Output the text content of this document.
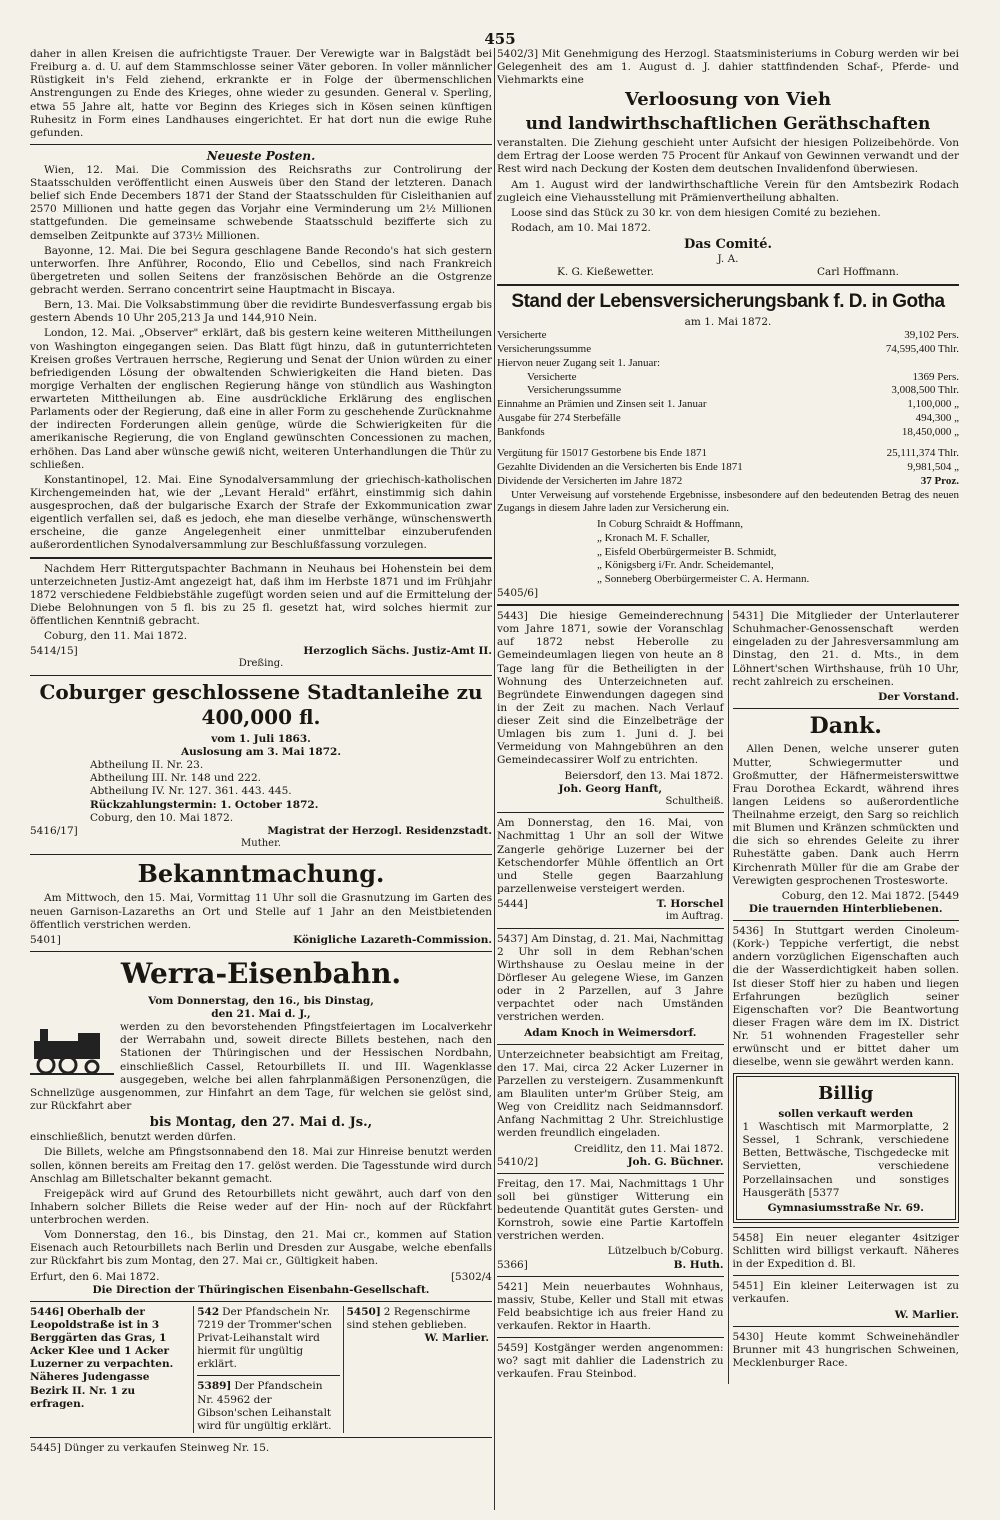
455

daher in allen Kreisen die aufrichtigste Trauer. Der Verewigte war in Balgstädt bei Freiburg a. d. U. auf dem Stammschlosse seiner Väter geboren. In voller männlicher Rüstigkeit in's Feld ziehend, erkrankte er in Folge der übermenschlichen Anstrengungen zu Ende des Krieges, ohne wieder zu gesunden. General v. Sperling, etwa 55 Jahre alt, hatte vor Beginn des Krieges sich in Kösen seinen künftigen Ruhesitz in Form eines Landhauses eingerichtet. Er hat dort nun die ewige Ruhe gefunden.

Neueste Posten.

Wien, 12. Mai. Die Commission des Reichsraths zur Controlirung der Staatsschulden veröffentlicht einen Ausweis über den Stand der letzteren. Danach belief sich Ende Decembers 1871 der Stand der Staatsschulden für Cisleithanien auf 2570 Millionen und hatte gegen das Vorjahr eine Verminderung um 2½ Millionen stattgefunden. Die gemeinsame schwebende Staatsschuld bezifferte sich zu demselben Zeitpunkte auf 373½ Millionen.

Bayonne, 12. Mai. Die bei Segura geschlagene Bande Recondo's hat sich gestern unterworfen. Ihre Anführer, Rocondo, Elio und Cebellos, sind nach Frankreich übergetreten und sollen Seitens der französischen Behörde an die Ostgrenze gebracht werden. Serrano concentrirt seine Hauptmacht in Biscaya.

Bern, 13. Mai. Die Volksabstimmung über die revidirte Bundesverfassung ergab bis gestern Abends 10 Uhr 205,213 Ja und 144,910 Nein.

London, 12. Mai. „Observer" erklärt, daß bis gestern keine weiteren Mittheilungen von Washington eingegangen seien. Das Blatt fügt hinzu, daß in gutunterrichteten Kreisen großes Vertrauen herrsche, Regierung und Senat der Union würden zu einer befriedigenden Lösung der obwaltenden Schwierigkeiten die Hand bieten. Das morgige Verhalten der englischen Regierung hänge von stündlich aus Washington erwarteten Mittheilungen ab. Eine ausdrückliche Erklärung des englischen Parlaments oder der Regierung, daß eine in aller Form zu geschehende Zurücknahme der indirecten Forderungen allein genüge, würde die Schwierigkeiten für die amerikanische Regierung, die von England gewünschten Concessionen zu machen, erhöhen. Das Land aber wünsche gewiß nicht, weiteren Unterhandlungen die Thür zu schließen.

Konstantinopel, 12. Mai. Eine Synodalversammlung der griechisch-katholischen Kirchengemeinden hat, wie der „Levant Herald" erfährt, einstimmig sich dahin ausgesprochen, daß der bulgarische Exarch der Strafe der Exkommunication zwar eigentlich verfallen sei, daß es jedoch, ehe man dieselbe verhänge, wünschenswerth erscheine, die ganze Angelegenheit einer unmittelbar einzuberufenden außerordentlichen Synodalversammlung zur Beschlußfassung vorzulegen.

Nachdem Herr Rittergutspachter Bachmann in Neuhaus bei Hohenstein bei dem unterzeichneten Justiz-Amt angezeigt hat, daß ihm im Herbste 1871 und im Frühjahr 1872 verschiedene Feldbiebstähle zugefügt worden seien und auf die Ermittelung der Diebe Belohnungen von 5 fl. bis zu 25 fl. gesetzt hat, wird solches hiermit zur öffentlichen Kenntniß gebracht.

Coburg, den 11. Mai 1872.

5414/15]	Herzoglich Sächs. Justiz-Amt II.
Dreßing.
Coburger geschlossene Stadtanleihe zu 400,000 fl.
vom 1. Juli 1863.
Auslosung am 3. Mai 1872.
Abtheilung II. Nr. 23.
Abtheilung III. Nr. 148 und 222.
Abtheilung IV. Nr. 127. 361. 443. 445.
Rückzahlungstermin: 1. October 1872.
Coburg, den 10. Mai 1872.
5416/17]	Magistrat der Herzogl. Residenzstadt.
Muther.
Bekanntmachung.

Am Mittwoch, den 15. Mai, Vormittag 11 Uhr soll die Grasnutzung im Garten des neuen Garnison-Lazareths an Ort und Stelle auf 1 Jahr an den Meistbietenden öffentlich verstrichen werden.

5401]	Königliche Lazareth-Commission.
Werra-Eisenbahn.
Vom Donnerstag, den 16., bis Dinstag,
den 21. Mai d. J.,

werden zu den bevorstehenden Pfingstfeiertagen im Localverkehr der Werrabahn und, soweit directe Billets bestehen, nach den Stationen der Thüringischen und der Hessischen Nordbahn, einschließlich Cassel, Retourbillets II. und III. Wagenklasse ausgegeben, welche bei allen fahrplanmäßigen Personenzügen, die Schnellzüge ausgenommen, zur Hinfahrt an dem Tage, für welchen sie gelöst sind, zur Rückfahrt aber

bis Montag, den 27. Mai d. Js.,

einschließlich, benutzt werden dürfen.

Die Billets, welche am Pfingstsonnabend den 18. Mai zur Hinreise benutzt werden sollen, können bereits am Freitag den 17. gelöst werden. Die Tagesstunde wird durch Anschlag am Billetschalter bekannt gemacht.

Freigepäck wird auf Grund des Retourbillets nicht gewährt, auch darf von den Inhabern solcher Billets die Reise weder auf der Hin- noch auf der Rückfahrt unterbrochen werden.

Vom Donnerstag, den 16., bis Dinstag, den 21. Mai cr., kommen auf Station Eisenach auch Retourbillets nach Berlin und Dresden zur Ausgabe, welche ebenfalls zur Rückfahrt bis zum Montag, den 27. Mai cr., Gültigkeit haben.

Erfurt, den 6. Mai 1872.	[5302/4
Die Direction der Thüringischen Eisenbahn-Gesellschaft.
5446] Oberhalb der Leopoldstraße ist in 3 Berggärten das Gras, 1 Acker Klee und 1 Acker Luzerner zu verpachten. Näheres Judengasse Bezirk II. Nr. 1 zu erfragen.
542 Der Pfandschein Nr. 7219 der Trommer'schen Privat-Leihanstalt wird hiermit für ungültig erklärt.
5389] Der Pfandschein Nr. 45962 der Gibson'schen Leihanstalt wird für ungültig erklärt.
5450] 2 Regenschirme sind stehen geblieben.
W. Marlier.
5445] Dünger zu verkaufen Steinweg Nr. 15.

5402/3] Mit Genehmigung des Herzogl. Staatsministeriums in Coburg werden wir bei Gelegenheit des am 1. August d. J. dahier stattfindenden Schaf-, Pferde- und Viehmarkts eine

Verloosung von Vieh
und landwirthschaftlichen Geräthschaften

veranstalten. Die Ziehung geschieht unter Aufsicht der hiesigen Polizeibehörde. Von dem Ertrag der Loose werden 75 Procent für Ankauf von Gewinnen verwandt und der Rest wird nach Deckung der Kosten dem deutschen Invalidenfond überwiesen.

Am 1. August wird der landwirthschaftliche Verein für den Amtsbezirk Rodach zugleich eine Viehausstellung mit Prämienvertheilung abhalten.

Loose sind das Stück zu 30 kr. von dem hiesigen Comité zu beziehen.

Rodach, am 10. Mai 1872.

Das Comité.
J. A.
K. G. Kießewetter.	Carl Hoffmann.
Stand der Lebensversicherungsbank f. D. in Gotha
am 1. Mai 1872.
Versicherte	39,102 Pers.
Versicherungssumme	74,595,400 Thlr.
Hiervon neuer Zugang seit 1. Januar:	
Versicherte	1369 Pers.
Versicherungssumme	3,008,500 Thlr.
Einnahme an Prämien und Zinsen seit 1. Januar	1,100,000 „
Ausgabe für 274 Sterbefälle	494,300 „
Bankfonds	18,450,000 „

Vergütung für 15017 Gestorbene bis Ende 1871	25,111,374 Thlr.
Gezahlte Dividenden an die Versicherten bis Ende 1871	9,981,504 „
Dividende der Versicherten im Jahre 1872	37 Proz.

Unter Verweisung auf vorstehende Ergebnisse, insbesondere auf den bedeutenden Betrag des neuen Zugangs in diesem Jahre laden zur Versicherung ein.

In Coburg Schraidt & Hoffmann,
„ Kronach M. F. Schaller,
„ Eisfeld Oberbürgermeister B. Schmidt,
„ Königsberg i/Fr. Andr. Scheidemantel,
„ Sonneberg Oberbürgermeister C. A. Hermann.
5405/6]

5443] Die hiesige Gemeinderechnung vom Jahre 1871, sowie der Voranschlag auf 1872 nebst Heberolle zu Gemeindeumlagen liegen von heute an 8 Tage lang für die Betheiligten in der Wohnung des Unterzeichneten auf. Begründete Einwendungen dagegen sind in der Zeit zu machen. Nach Verlauf dieser Zeit sind die Einzelbeträge der Umlagen bis zum 1. Juni d. J. bei Vermeidung von Mahngebühren an den Gemeindecassirer Wolf zu entrichten.

Beiersdorf, den 13. Mai 1872.
Joh. Georg Hanft,
Schultheiß.

Am Donnerstag, den 16. Mai, von Nachmittag 1 Uhr an soll der Witwe Zangerle gehörige Luzerner bei der Ketschendorfer Mühle öffentlich an Ort und Stelle gegen Baarzahlung parzellenweise versteigert werden.

5444]	T. Horschel
im Auftrag.

5437] Am Dinstag, d. 21. Mai, Nachmittag 2 Uhr soll in dem Rebhan'schen Wirthshause zu Oeslau meine in der Dörfleser Au gelegene Wiese, im Ganzen oder in 2 Parzellen, auf 3 Jahre verpachtet oder nach Umständen verstrichen werden.

Adam Knoch in Weimersdorf.

Unterzeichneter beabsichtigt am Freitag, den 17. Mai, circa 22 Acker Luzerner in Parzellen zu versteigern. Zusammenkunft am Blauliten unter'm Grüber Steig, am Weg von Creidlitz nach Seidmannsdorf. Anfang Nachmittag 2 Uhr. Streichlustige werden freundlich eingeladen.

Creidlitz, den 11. Mai 1872.
5410/2]	Joh. G. Büchner.

Freitag, den 17. Mai, Nachmittags 1 Uhr soll bei günstiger Witterung ein bedeutende Quantität gutes Gersten- und Kornstroh, sowie eine Partie Kartoffeln verstrichen werden.

Lützelbuch b/Coburg.
5366]	B. Huth.

5421] Mein neuerbautes Wohnhaus, massiv, Stube, Keller und Stall mit etwas Feld beabsichtige ich aus freier Hand zu verkaufen. Rektor in Haarth.

5459] Kostgänger werden angenommen: wo? sagt mit dahlier die Ladenstrich zu verkaufen. Frau Steinbod.

5431] Die Mitglieder der Unterlauterer Schuhmacher-Genossenschaft werden eingeladen zu der Jahresversammlung am Dinstag, den 21. d. Mts., in dem Löhnert'schen Wirthshause, früh 10 Uhr, recht zahlreich zu erscheinen.

Der Vorstand.
Dank.

Allen Denen, welche unserer guten Mutter, Schwiegermutter und Großmutter, der Häfnermeisterswittwe Frau Dorothea Eckardt, während ihres langen Leidens so außerordentliche Theilnahme erzeigt, den Sarg so reichlich mit Blumen und Kränzen schmückten und die sich so ehrendes Geleite zu ihrer Ruhestätte gaben. Dank auch Herrn Kirchenrath Müller für die am Grabe der Verewigten gesprochenen Trostesworte.

Coburg, den 12. Mai 1872. [5449
Die trauernden Hinterbliebenen.

5436] In Stuttgart werden Cinoleum- (Kork-) Teppiche verfertigt, die nebst andern vorzüglichen Eigenschaften auch die der Wasserdichtigkeit haben sollen. Ist dieser Stoff hier zu haben und liegen Erfahrungen bezüglich seiner Eigenschaften vor? Die Beantwortung dieser Fragen wäre dem im IX. District Nr. 51 wohnenden Fragesteller sehr erwünscht und er bittet daher um dieselbe, wenn sie gewährt werden kann.

Billig
sollen verkauft werden

1 Waschtisch mit Marmorplatte, 2 Sessel, 1 Schrank, verschiedene Betten, Bettwäsche, Tischgedecke mit Servietten, verschiedene Porzellainsachen und sonstiges Hausgeräth [5377

Gymnasiumsstraße Nr. 69.

5458] Ein neuer eleganter 4sitziger Schlitten wird billigst verkauft. Näheres in der Expedition d. Bl.

5451] Ein kleiner Leiterwagen ist zu verkaufen.

W. Marlier.

5430] Heute kommt Schweinehändler Brunner mit 43 hungrischen Schweinen, Mecklenburger Race.
